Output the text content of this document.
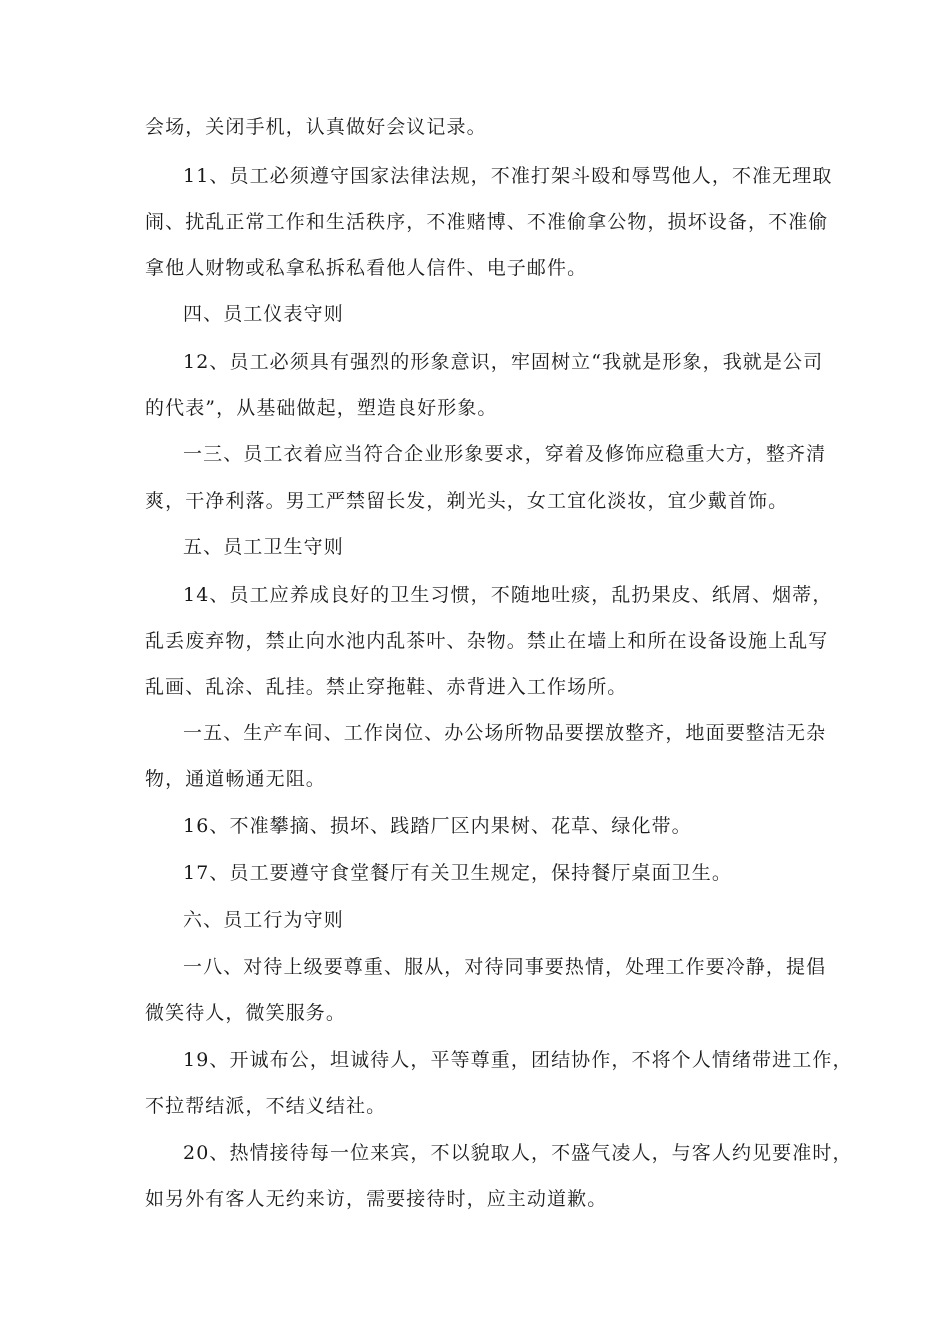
会场，关闭手机，认真做好会议记录。

11、员工必须遵守国家法律法规，不准打架斗殴和辱骂他人，不准无理取

闹、扰乱正常工作和生活秩序，不准赌博、不准偷拿公物，损坏设备，不准偷

拿他人财物或私拿私拆私看他人信件、电子邮件。

四、员工仪表守则

12、员工必须具有强烈的形象意识，牢固树立“我就是形象，我就是公司

的代表”，从基础做起，塑造良好形象。

一三、员工衣着应当符合企业形象要求，穿着及修饰应稳重大方，整齐清

爽，干净利落。男工严禁留长发，剃光头，女工宜化淡妆，宜少戴首饰。

五、员工卫生守则

14、员工应养成良好的卫生习惯，不随地吐痰，乱扔果皮、纸屑、烟蒂，

乱丢废弃物，禁止向水池内乱茶叶、杂物。禁止在墙上和所在设备设施上乱写

乱画、乱涂、乱挂。禁止穿拖鞋、赤背进入工作场所。

一五、生产车间、工作岗位、办公场所物品要摆放整齐，地面要整洁无杂

物，通道畅通无阻。

16、不准攀摘、损坏、践踏厂区内果树、花草、绿化带。

17、员工要遵守食堂餐厅有关卫生规定，保持餐厅桌面卫生。

六、员工行为守则

一八、对待上级要尊重、服从，对待同事要热情，处理工作要冷静，提倡

微笑待人，微笑服务。

19、开诚布公，坦诚待人，平等尊重，团结协作，不将个人情绪带进工作，

不拉帮结派，不结义结社。

20、热情接待每一位来宾，不以貌取人，不盛气凌人，与客人约见要准时，

如另外有客人无约来访，需要接待时，应主动道歉。
